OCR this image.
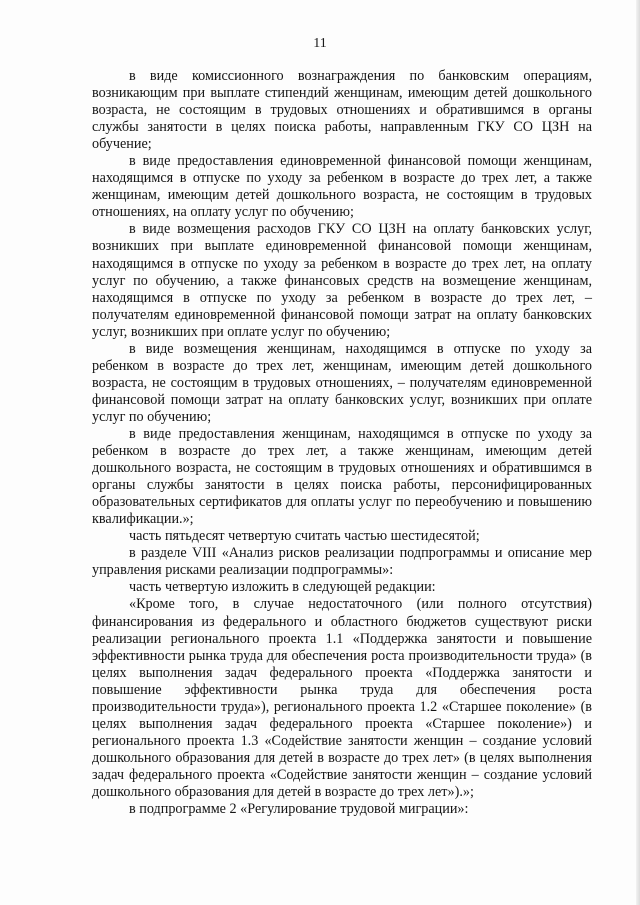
11

в виде комиссионного вознаграждения по банковским операциям, возникающим при выплате стипендий женщинам, имеющим детей дошкольного возраста, не состоящим в трудовых отношениях и обратившимся в органы службы занятости в целях поиска работы, направленным ГКУ СО ЦЗН на обучение;

в виде предоставления единовременной финансовой помощи женщинам, находящимся в отпуске по уходу за ребенком в возрасте до трех лет, а также женщинам, имеющим детей дошкольного возраста, не состоящим в трудовых отношениях, на оплату услуг по обучению;

в виде возмещения расходов ГКУ СО ЦЗН на оплату банковских услуг, возникших при выплате единовременной финансовой помощи женщинам, находящимся в отпуске по уходу за ребенком в возрасте до трех лет, на оплату услуг по обучению, а также финансовых средств на возмещение женщинам, находящимся в отпуске по уходу за ребенком в возрасте до трех лет, – получателям единовременной финансовой помощи затрат на оплату банковских услуг, возникших при оплате услуг по обучению;

в виде возмещения женщинам, находящимся в отпуске по уходу за ребенком в возрасте до трех лет, женщинам, имеющим детей дошкольного возраста, не состоящим в трудовых отношениях, – получателям единовременной финансовой помощи затрат на оплату банковских услуг, возникших при оплате услуг по обучению;

в виде предоставления женщинам, находящимся в отпуске по уходу за ребенком в возрасте до трех лет, а также женщинам, имеющим детей дошкольного возраста, не состоящим в трудовых отношениях и обратившимся в органы службы занятости в целях поиска работы, персонифицированных образовательных сертификатов для оплаты услуг по переобучению и повышению квалификации.»;

часть пятьдесят четвертую считать частью шестидесятой;

в разделе VIII «Анализ рисков реализации подпрограммы и описание мер управления рисками реализации подпрограммы»:

часть четвертую изложить в следующей редакции:

«Кроме того, в случае недостаточного (или полного отсутствия) финансирования из федерального и областного бюджетов существуют риски реализации регионального проекта 1.1 «Поддержка занятости и повышение эффективности рынка труда для обеспечения роста производительности труда» (в целях выполнения задач федерального проекта «Поддержка занятости и повышение эффективности рынка труда для обеспечения роста производительности труда»), регионального проекта 1.2 «Старшее поколение» (в целях выполнения задач федерального проекта «Старшее поколение») и регионального проекта 1.3 «Содействие занятости женщин – создание условий дошкольного образования для детей в возрасте до трех лет» (в целях выполнения задач федерального проекта «Содействие занятости женщин – создание условий дошкольного образования для детей в возрасте до трех лет»).»;

в подпрограмме 2 «Регулирование трудовой миграции»:
